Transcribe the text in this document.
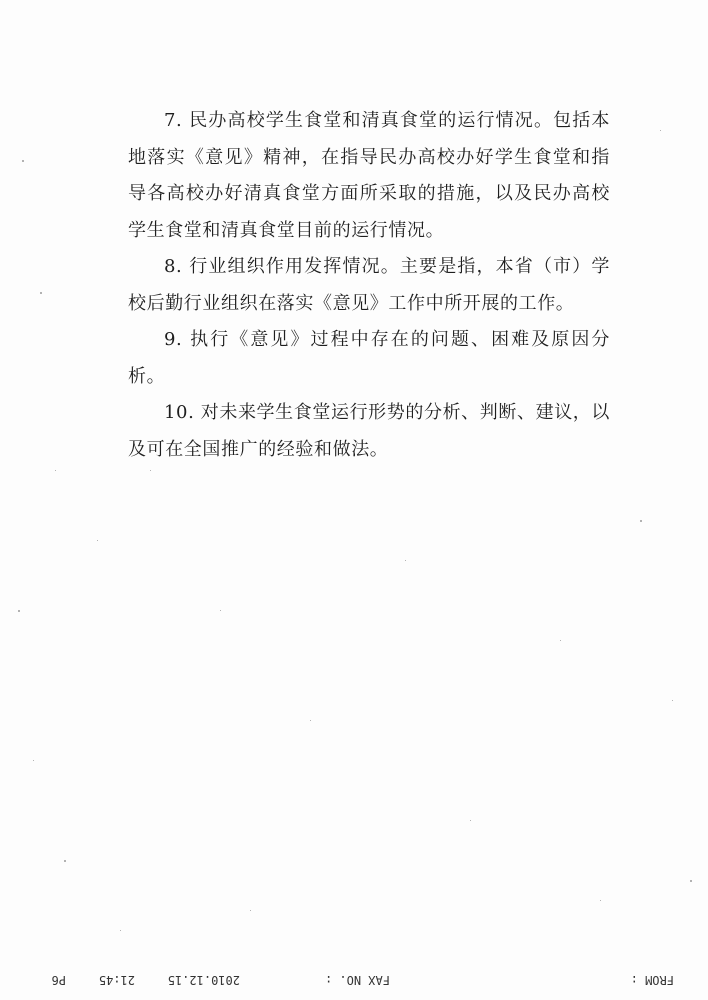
7. 民办高校学生食堂和清真食堂的运行情况。包括本地落实《意见》精神，在指导民办高校办好学生食堂和指导各高校办好清真食堂方面所采取的措施，以及民办高校学生食堂和清真食堂目前的运行情况。

8. 行业组织作用发挥情况。主要是指，本省（市）学校后勤行业组织在落实《意见》工作中所开展的工作。

9. 执行《意见》过程中存在的问题、困难及原因分析。

10. 对未来学生食堂运行形势的分析、判断、建议，以及可在全国推广的经验和做法。

FROM :
FAX NO. :
2010.12.15
21:45
P6
